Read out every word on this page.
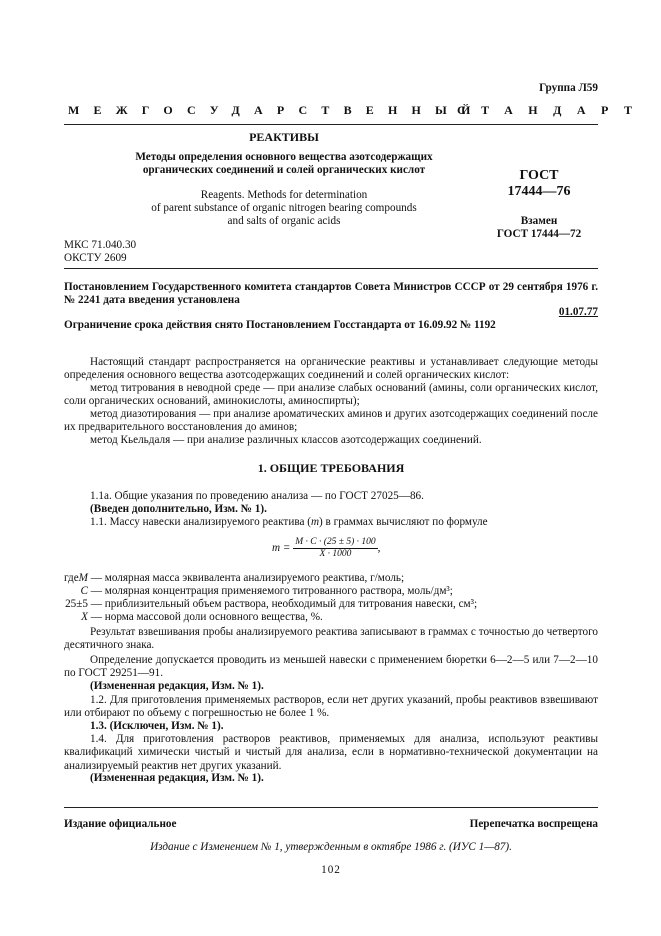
Группа Л59
МЕЖГОСУДАРСТВЕННЫЙ
СТАНДАРТ
РЕАКТИВЫ
Методы определения основного вещества азотсодержащих
органических соединений и солей органических кислот
Reagents. Methods for determination
of parent substance of organic nitrogen bearing compounds
and salts of organic acids
ГОСТ
17444—76
Взамен
ГОСТ 17444—72
МКС 71.040.30
ОКСТУ 2609
Постановлением Государственного комитета стандартов Совета Министров СССР от 29 сентября 1976 г.
№ 2241 дата введения установлена
01.07.77
Ограничение срока действия снято Постановлением Госстандарта от 16.09.92 № 1192
Настоящий стандарт распространяется на органические реактивы и устанавливает следующие методы определения основного вещества азотсодержащих соединений и солей органических кислот:
метод титрования в неводной среде — при анализе слабых оснований (амины, соли органических кислот, соли органических оснований, аминокислоты, аминоспирты);
метод диазотирования — при анализе ароматических аминов и других азотсодержащих соединений после их предварительного восстановления до аминов;
метод Кьельдаля — при анализе различных классов азотсодержащих соединений.
1. ОБЩИЕ ТРЕБОВАНИЯ
1.1а. Общие указания по проведению анализа — по ГОСТ 27025—86.
(Введен дополнительно, Изм. № 1).
1.1. Массу навески анализируемого реактива (m) в граммах вычисляют по формуле
$m = \frac{M \cdot C \cdot (25 \pm 5) \cdot 100}{X \cdot 1000}$ ,
где M — молярная масса эквивалента анализируемого реактива, г/моль;
C — молярная концентрация применяемого титрованного раствора, моль/дм³;
25±5 — приблизительный объем раствора, необходимый для титрования навески, см³;
X — норма массовой доли основного вещества, %.
Результат взвешивания пробы анализируемого реактива записывают в граммах с точностью до четвертого десятичного знака.
Определение допускается проводить из меньшей навески с применением бюретки 6—2—5 или 7—2—10 по ГОСТ 29251—91.
(Измененная редакция, Изм. № 1).
1.2. Для приготовления применяемых растворов, если нет других указаний, пробы реактивов взвешивают или отбирают по объему с погрешностью не более 1 %.
1.3. (Исключен, Изм. № 1).
1.4. Для приготовления растворов реактивов, применяемых для анализа, используют реактивы квалификаций химически чистый и чистый для анализа, если в нормативно-технической документации на анализируемый реактив нет других указаний.
(Измененная редакция, Изм. № 1).
Издание официальное	Перепечатка воспрещена
Издание с Изменением № 1, утвержденным в октябре 1986 г. (ИУС 1—87).
102
